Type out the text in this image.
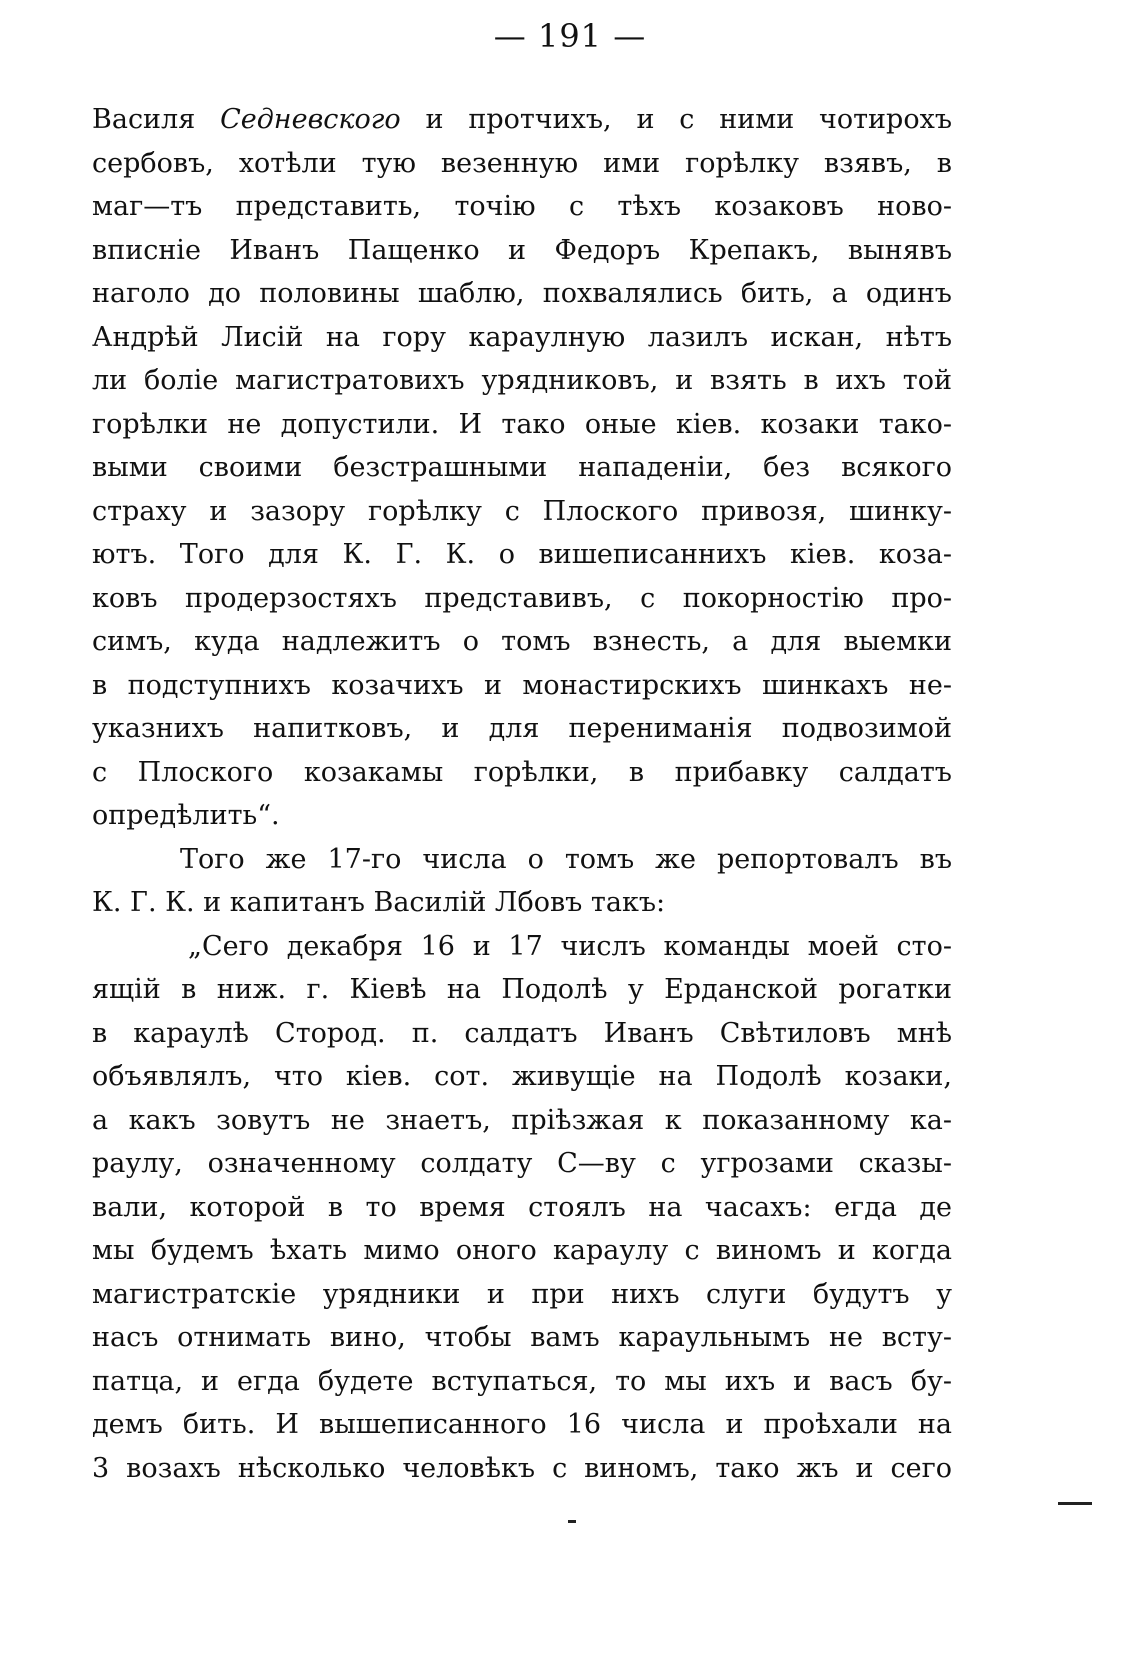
— 191 —
Василя Седневского и протчихъ, и с ними чотирохъ
сербовъ, хотѣли тую везенную ими горѣлку взявъ, в
маг—тъ представить, точію с тѣхъ козаковъ ново-
вписніе Иванъ Пащенко и Федоръ Крепакъ, вынявъ
наголо до половины шаблю, похвалялись бить, а одинъ
Андрѣй Лисій на гору караулную лазилъ искан, нѣтъ
ли боліе магистратовихъ урядниковъ, и взять в ихъ той
горѣлки не допустили. И тако оные кіев. козаки тако-
выми своими безстрашными нападеніи, без всякого
страху и зазору горѣлку с Плоского привозя, шинку-
ютъ. Того для К. Г. К. о вишеписаннихъ кіев. коза-
ковъ продерзостяхъ представивъ, с покорностію про-
симъ, куда надлежитъ о томъ взнесть, а для выемки
в подступнихъ козачихъ и монастирскихъ шинкахъ не-
указнихъ напитковъ, и для перениманія подвозимой
с Плоского козакамы горѣлки, в прибавку салдатъ
опредѣлить“.
Того же 17-го числа о томъ же репортовалъ въ
К. Г. К. и капитанъ Василій Лбовъ такъ:
„Сего декабря 16 и 17 числъ команды моей сто-
ящій в ниж. г. Кіевѣ на Подолѣ у Ерданской рогатки
в караулѣ Стород. п. салдатъ Иванъ Свѣтиловъ мнѣ
объявлялъ, что кіев. сот. живущіе на Подолѣ козаки,
а какъ зовутъ не знаетъ, пріѣзжая к показанному ка-
раулу, означенному солдату С—ву с угрозами сказы-
вали, которой в то время стоялъ на часахъ: егда де
мы будемъ ѣхать мимо оного караулу с виномъ и когда
магистратскіе урядники и при нихъ слуги будутъ у
насъ отнимать вино, чтобы вамъ караульнымъ не всту-
патца, и егда будете вступаться, то мы ихъ и васъ бу-
демъ бить. И вышеписанного 16 числа и проѣхали на
3 возахъ нѣсколько человѣкъ с виномъ, тако жъ и сего
